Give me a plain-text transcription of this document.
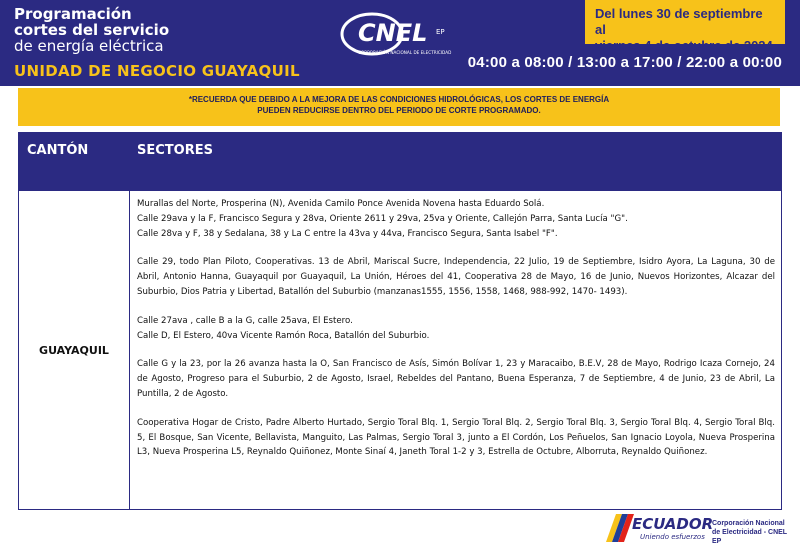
Programación
cortes del servicio
de energía eléctrica
UNIDAD DE NEGOCIO GUAYAQUIL
CNEL EP
CORPORACIÓN NACIONAL DE ELECTRICIDAD
Del lunes 30 de septiembre al
viernes 4 de octubre de 2024
04:00 a 08:00 / 13:00 a 17:00 / 22:00 a 00:00
*RECUERDA QUE DEBIDO A LA MEJORA DE LAS CONDICIONES HIDROLÓGICAS, LOS CORTES DE ENERGÍA
PUEDEN REDUCIRSE DENTRO DEL PERIODO DE CORTE PROGRAMADO.
CANTÓN	SECTORES
GUAYAQUIL
Murallas del Norte, Prosperina (N), Avenida Camilo Ponce Avenida Novena hasta Eduardo Solá.
Calle 29ava y la F, Francisco Segura y 28va, Oriente 2611 y 29va, 25va y Oriente, Callejón Parra, Santa Lucía "G".
Calle 28va y F, 38 y Sedalana, 38 y La C entre la 43va y 44va, Francisco Segura, Santa Isabel "F".
Calle 29, todo Plan Piloto, Cooperativas. 13 de Abril, Mariscal Sucre, Independencia, 22 Julio, 19 de Septiembre, Isidro Ayora, La Laguna, 30 de Abril, Antonio Hanna, Guayaquil por Guayaquil, La Unión, Héroes del 41, Cooperativa 28 de Mayo, 16 de Junio, Nuevos Horizontes, Alcazar del Suburbio, Dios Patria y Libertad, Batallón del Suburbio (manzanas1555, 1556, 1558, 1468, 988-992, 1470- 1493).
Calle 27ava , calle B a la G, calle 25ava, El Estero.
Calle D, El Estero, 40va Vicente Ramón Roca, Batallón del Suburbio.
Calle G y la 23, por la 26 avanza hasta la O, San Francisco de Asís, Simón Bolívar 1, 23 y Maracaibo, B.E.V, 28 de Mayo, Rodrigo Icaza Cornejo, 24 de Agosto, Progreso para el Suburbio, 2 de Agosto, Israel, Rebeldes del Pantano, Buena Esperanza, 7 de Septiembre, 4 de Junio, 23 de Abril, La Puntilla, 2 de Agosto.
Cooperativa Hogar de Cristo, Padre Alberto Hurtado, Sergio Toral Blq. 1, Sergio Toral Blq. 2, Sergio Toral Blq. 3, Sergio Toral Blq. 4, Sergio Toral Blq. 5, El Bosque, San Vicente, Bellavista, Manguito, Las Palmas, Sergio Toral 3, junto a El Cordón, Los Peñuelos, San Ignacio Loyola, Nueva Prosperina L3, Nueva Prosperina L5, Reynaldo Quiñonez, Monte Sinaí 4, Janeth Toral 1-2 y 3, Estrella de Octubre, Alborruta, Reynaldo Quiñonez.
ECUADOR
Uniendo esfuerzos
Corporación Nacional
de Electricidad - CNEL EP
